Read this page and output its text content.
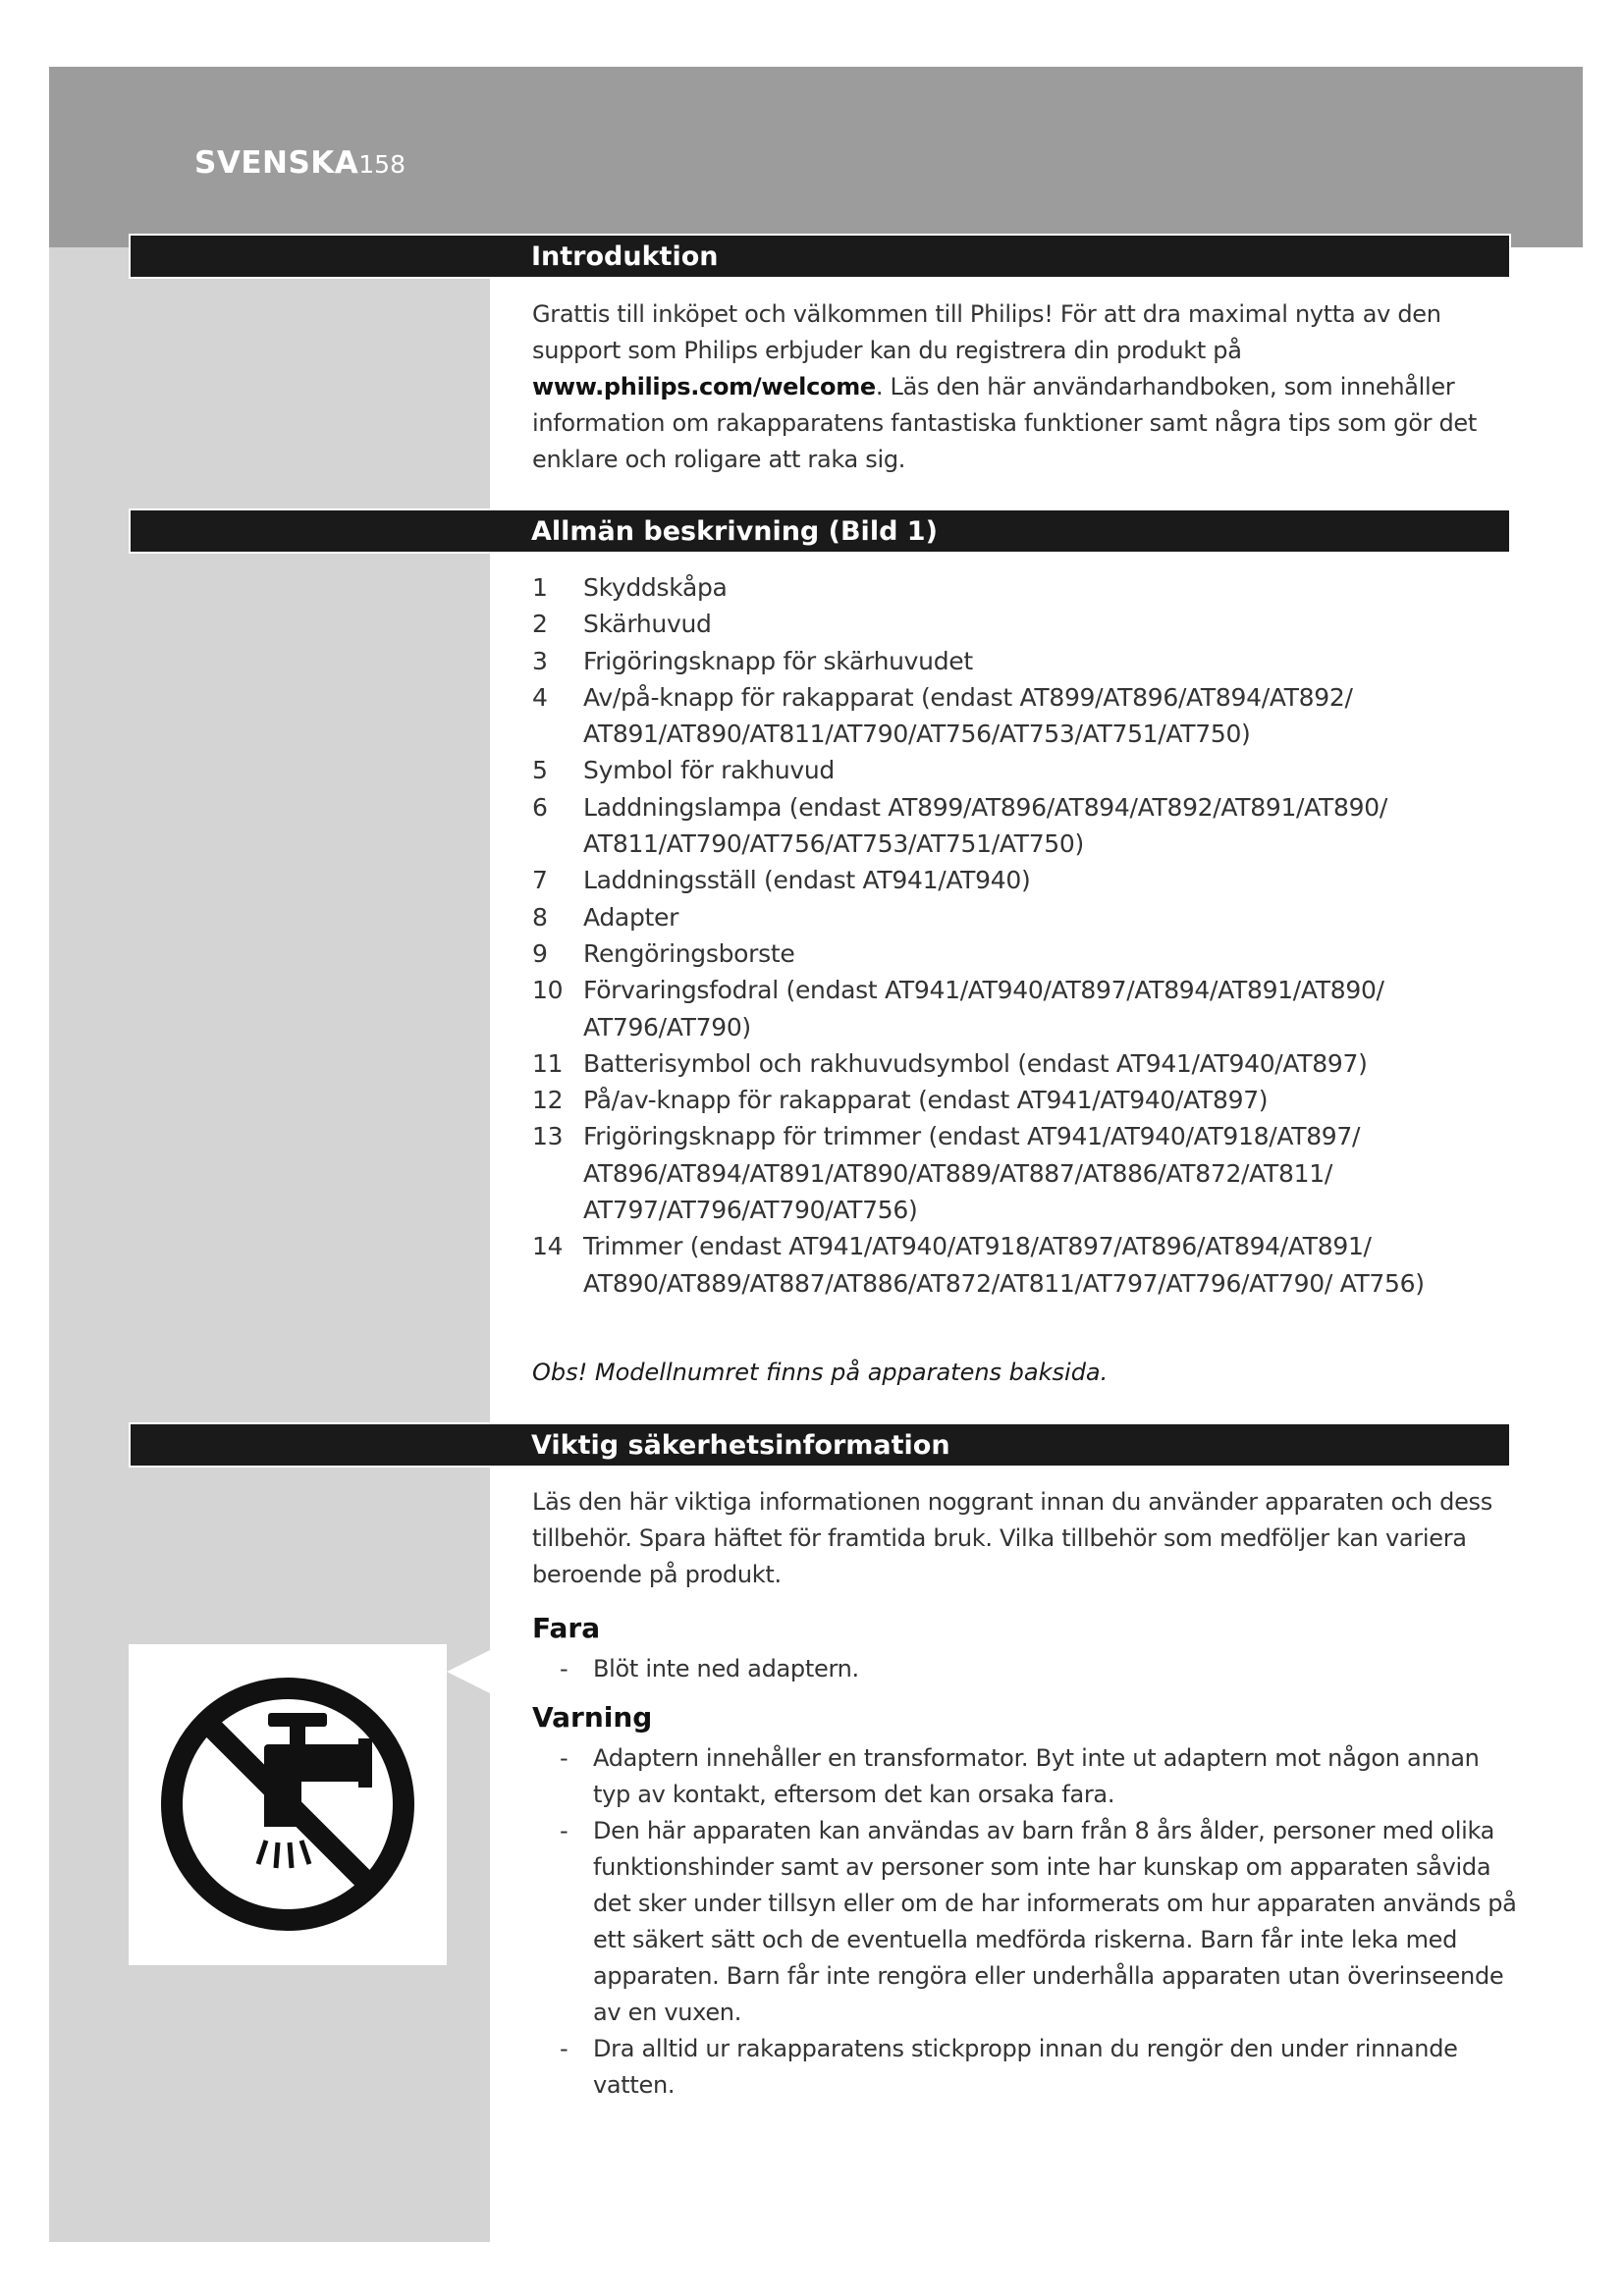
SVENSKA158
Introduktion

Grattis till inköpet och välkommen till Philips! För att dra maximal nytta av den support som Philips erbjuder kan du registrera din produkt på www.philips.com/welcome. Läs den här användarhandboken, som innehåller information om rakapparatens fantastiska funktioner samt några tips som gör det enklare och roligare att raka sig.

Allmän beskrivning (Bild 1)
1	Skyddskåpa
2	Skärhuvud
3	Frigöringsknapp för skärhuvudet
4	Av/på-knapp för rakapparat (endast AT899/AT896/AT894/AT892/ AT891/AT890/AT811/AT790/AT756/AT753/AT751/AT750)
5	Symbol för rakhuvud
6	Laddningslampa (endast AT899/AT896/AT894/AT892/AT891/AT890/ AT811/AT790/AT756/AT753/AT751/AT750)
7	Laddningsställ (endast AT941/AT940)
8	Adapter
9	Rengöringsborste
10 Förvaringsfodral (endast AT941/AT940/AT897/AT894/AT891/AT890/ AT796/AT790)
11 Batterisymbol och rakhuvudsymbol (endast AT941/AT940/AT897)
12 På/av-knapp för rakapparat (endast AT941/AT940/AT897)
13 Frigöringsknapp för trimmer (endast AT941/AT940/AT918/AT897/ AT896/AT894/AT891/AT890/AT889/AT887/AT886/AT872/AT811/ AT797/AT796/AT790/AT756)
14 Trimmer (endast AT941/AT940/AT918/AT897/AT896/AT894/AT891/ AT890/AT889/AT887/AT886/AT872/AT811/AT797/AT796/AT790/ AT756)
Obs! Modellnumret finns på apparatens baksida.
Viktig säkerhetsinformation

Läs den här viktiga informationen noggrant innan du använder apparaten och dess tillbehör. Spara häftet för framtida bruk. Vilka tillbehör som medföljer kan variera beroende på produkt.

Fara
- Blöt inte ned adaptern.
Varning
- Adaptern innehåller en transformator. Byt inte ut adaptern mot någon annan typ av kontakt, eftersom det kan orsaka fara.
- Den här apparaten kan användas av barn från 8 års ålder, personer med olika funktionshinder samt av personer som inte har kunskap om apparaten såvida det sker under tillsyn eller om de har informerats om hur apparaten används på ett säkert sätt och de eventuella medförda riskerna. Barn får inte leka med apparaten. Barn får inte rengöra eller underhålla apparaten utan överinseende av en vuxen.
- Dra alltid ur rakapparatens stickpropp innan du rengör den under rinnande vatten.
